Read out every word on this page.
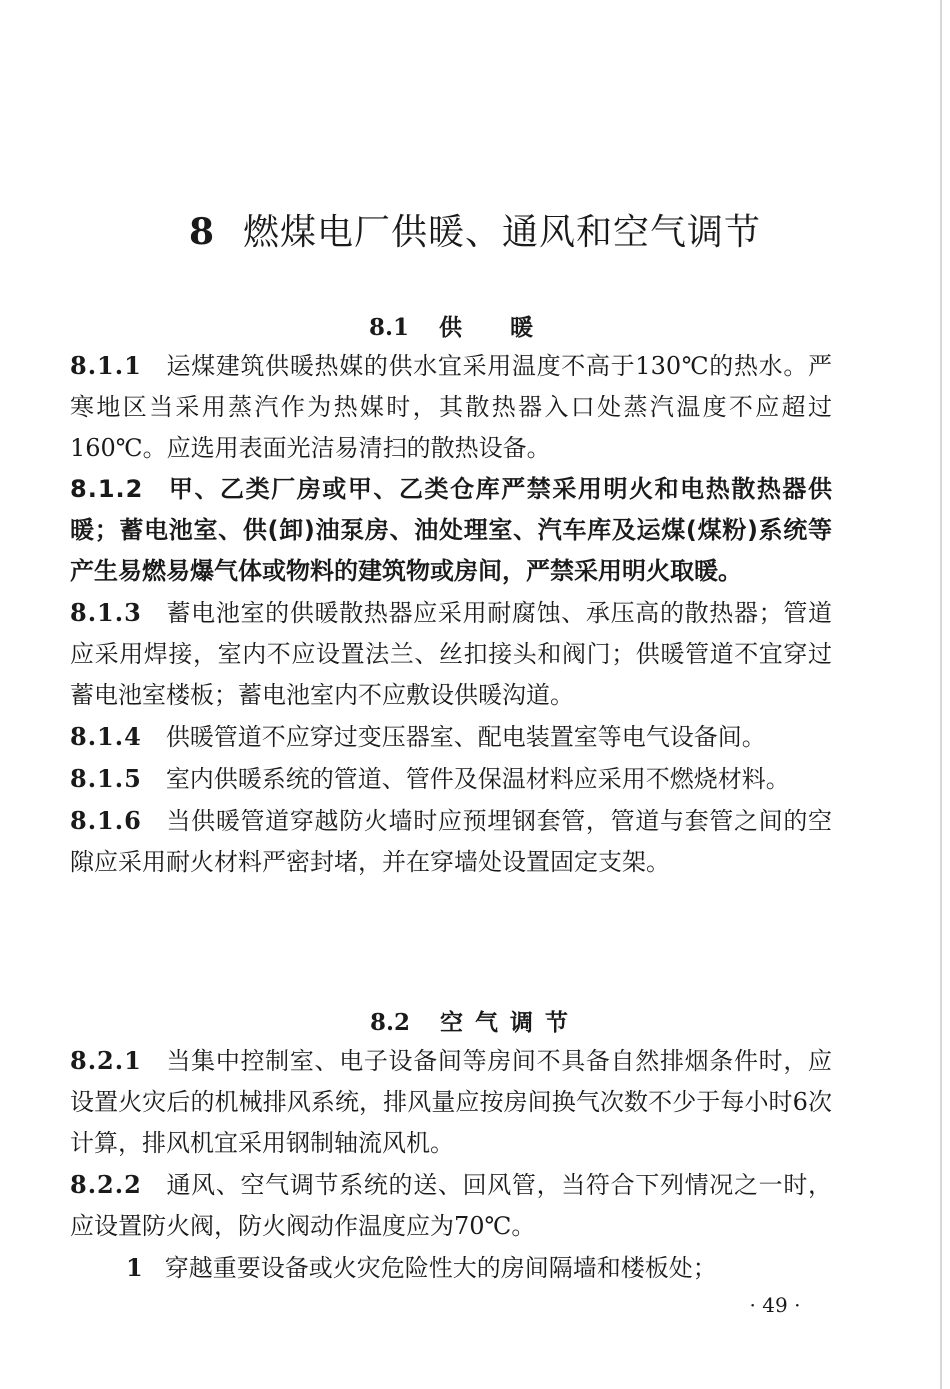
8 燃煤电厂供暖、通风和空气调节
8.1 供暖

8.1.1 运煤建筑供暖热媒的供水宜采用温度不高于130℃的热水。严寒地区当采用蒸汽作为热媒时，其散热器入口处蒸汽温度不应超过160℃。应选用表面光洁易清扫的散热设备。

8.1.2 甲、乙类厂房或甲、乙类仓库严禁采用明火和电热散热器供暖；蓄电池室、供(卸)油泵房、油处理室、汽车库及运煤(煤粉)系统等产生易燃易爆气体或物料的建筑物或房间，严禁采用明火取暖。

8.1.3 蓄电池室的供暖散热器应采用耐腐蚀、承压高的散热器；管道应采用焊接，室内不应设置法兰、丝扣接头和阀门；供暖管道不宜穿过蓄电池室楼板；蓄电池室内不应敷设供暖沟道。

8.1.4 供暖管道不应穿过变压器室、配电装置室等电气设备间。

8.1.5 室内供暖系统的管道、管件及保温材料应采用不燃烧材料。

8.1.6 当供暖管道穿越防火墙时应预埋钢套管，管道与套管之间的空隙应采用耐火材料严密封堵，并在穿墙处设置固定支架。

8.2 空气调节

8.2.1 当集中控制室、电子设备间等房间不具备自然排烟条件时，应设置火灾后的机械排风系统，排风量应按房间换气次数不少于每小时6次计算，排风机宜采用钢制轴流风机。

8.2.2 通风、空气调节系统的送、回风管，当符合下列情况之一时，应设置防火阀，防火阀动作温度应为70℃。

1 穿越重要设备或火灾危险性大的房间隔墙和楼板处；

· 49 ·
